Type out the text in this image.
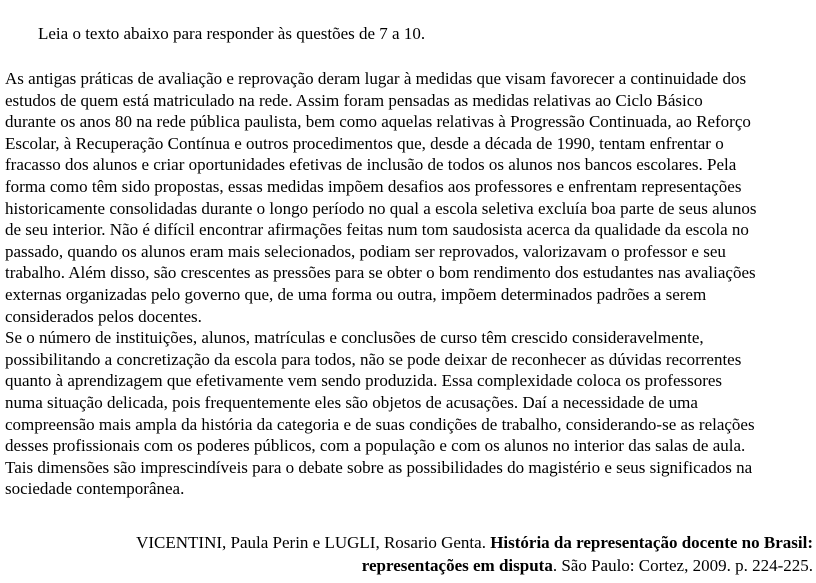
Leia o texto abaixo para responder às questões de 7 a 10.

As antigas práticas de avaliação e reprovação deram lugar à medidas que visam favorecer a continuidade dos
estudos de quem está matriculado na rede. Assim foram pensadas as medidas relativas ao Ciclo Básico
durante os anos 80 na rede pública paulista, bem como aquelas relativas à Progressão Continuada, ao Reforço
Escolar, à Recuperação Contínua e outros procedimentos que, desde a década de 1990, tentam enfrentar o
fracasso dos alunos e criar oportunidades efetivas de inclusão de todos os alunos nos bancos escolares. Pela
forma como têm sido propostas, essas medidas impõem desafios aos professores e enfrentam representações
historicamente consolidadas durante o longo período no qual a escola seletiva excluía boa parte de seus alunos
de seu interior. Não é difícil encontrar afirmações feitas num tom saudosista acerca da qualidade da escola no
passado, quando os alunos eram mais selecionados, podiam ser reprovados, valorizavam o professor e seu
trabalho. Além disso, são crescentes as pressões para se obter o bom rendimento dos estudantes nas avaliações
externas organizadas pelo governo que, de uma forma ou outra, impõem determinados padrões a serem
considerados pelos docentes.
Se o número de instituições, alunos, matrículas e conclusões de curso têm crescido consideravelmente,
possibilitando a concretização da escola para todos, não se pode deixar de reconhecer as dúvidas recorrentes
quanto à aprendizagem que efetivamente vem sendo produzida. Essa complexidade coloca os professores
numa situação delicada, pois frequentemente eles são objetos de acusações. Daí a necessidade de uma
compreensão mais ampla da história da categoria e de suas condições de trabalho, considerando-se as relações
desses profissionais com os poderes públicos, com a população e com os alunos no interior das salas de aula.
Tais dimensões são imprescindíveis para o debate sobre as possibilidades do magistério e seus significados na
sociedade contemporânea.
VICENTINI, Paula Perin e LUGLI, Rosario Genta. História da representação docente no Brasil:
representações em disputa. São Paulo: Cortez, 2009. p. 224-225.
